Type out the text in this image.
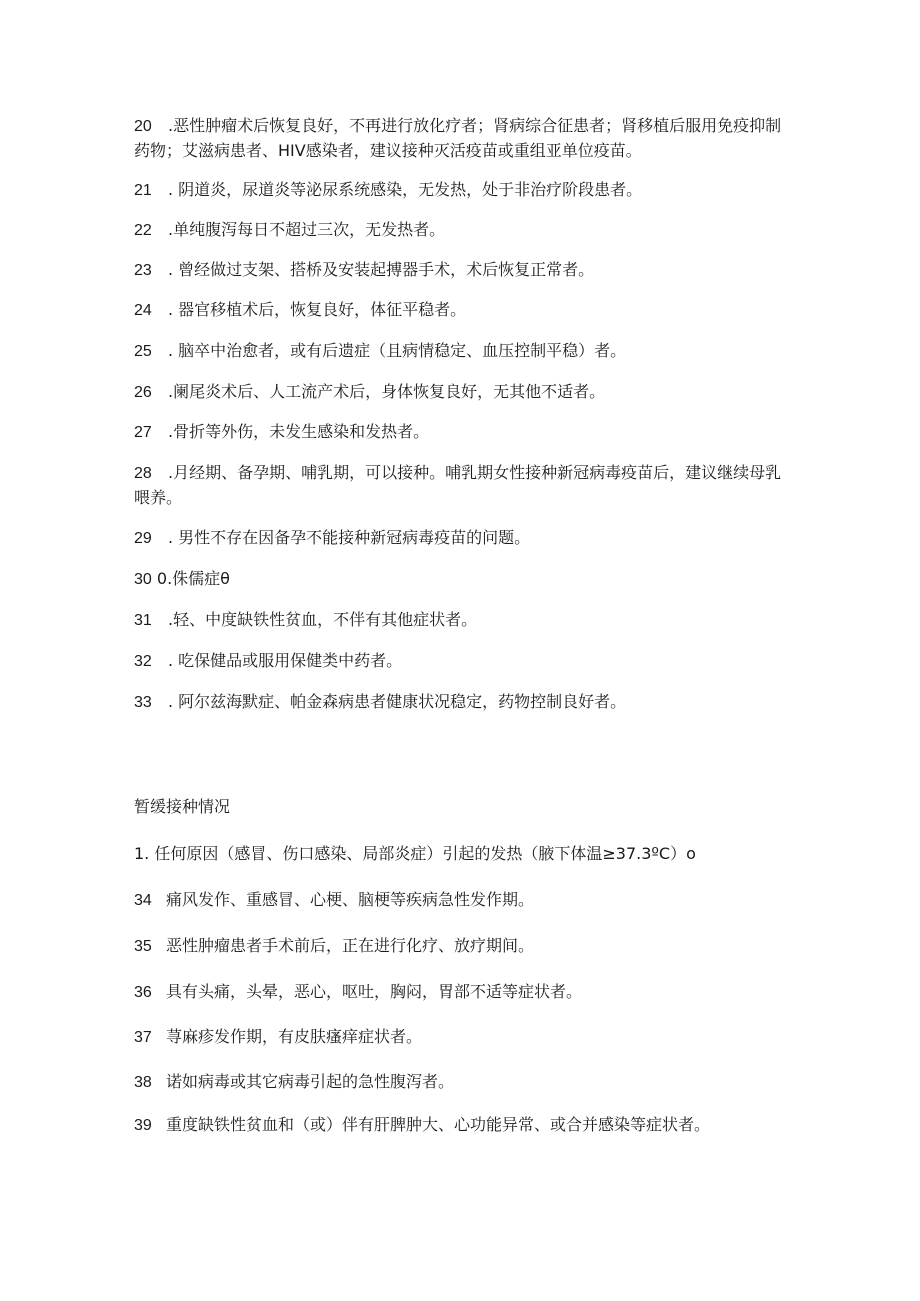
20 .恶性肿瘤术后恢复良好，不再进行放化疗者；肾病综合征患者；肾移植后服用免疫抑制药物；艾滋病患者、HIV感染者，建议接种灭活疫苗或重组亚单位疫苗。

21 . 阴道炎，尿道炎等泌尿系统感染，无发热，处于非治疗阶段患者。

22 .单纯腹泻每日不超过三次，无发热者。

23 . 曾经做过支架、搭桥及安装起搏器手术，术后恢复正常者。

24 . 器官移植术后，恢复良好，体征平稳者。

25 . 脑卒中治愈者，或有后遗症（且病情稳定、血压控制平稳）者。

26 .阑尾炎术后、人工流产术后，身体恢复良好，无其他不适者。

27 .骨折等外伤，未发生感染和发热者。

28 .月经期、备孕期、哺乳期，可以接种。哺乳期女性接种新冠病毒疫苗后，建议继续母乳喂养。

29 . 男性不存在因备孕不能接种新冠病毒疫苗的问题。

30 0.侏儒症θ

31 .轻、中度缺铁性贫血，不伴有其他症状者。

32 . 吃保健品或服用保健类中药者。

33 . 阿尔兹海默症、帕金森病患者健康状况稳定，药物控制良好者。

暂缓接种情况

1. 任何原因（感冒、伤口感染、局部炎症）引起的发热（腋下体温≥37.3ºC）o

34 痛风发作、重感冒、心梗、脑梗等疾病急性发作期。

35 恶性肿瘤患者手术前后，正在进行化疗、放疗期间。

36 具有头痛，头晕，恶心，呕吐，胸闷，胃部不适等症状者。

37 荨麻疹发作期，有皮肤瘙痒症状者。

38 诺如病毒或其它病毒引起的急性腹泻者。

39 重度缺铁性贫血和（或）伴有肝脾肿大、心功能异常、或合并感染等症状者。
